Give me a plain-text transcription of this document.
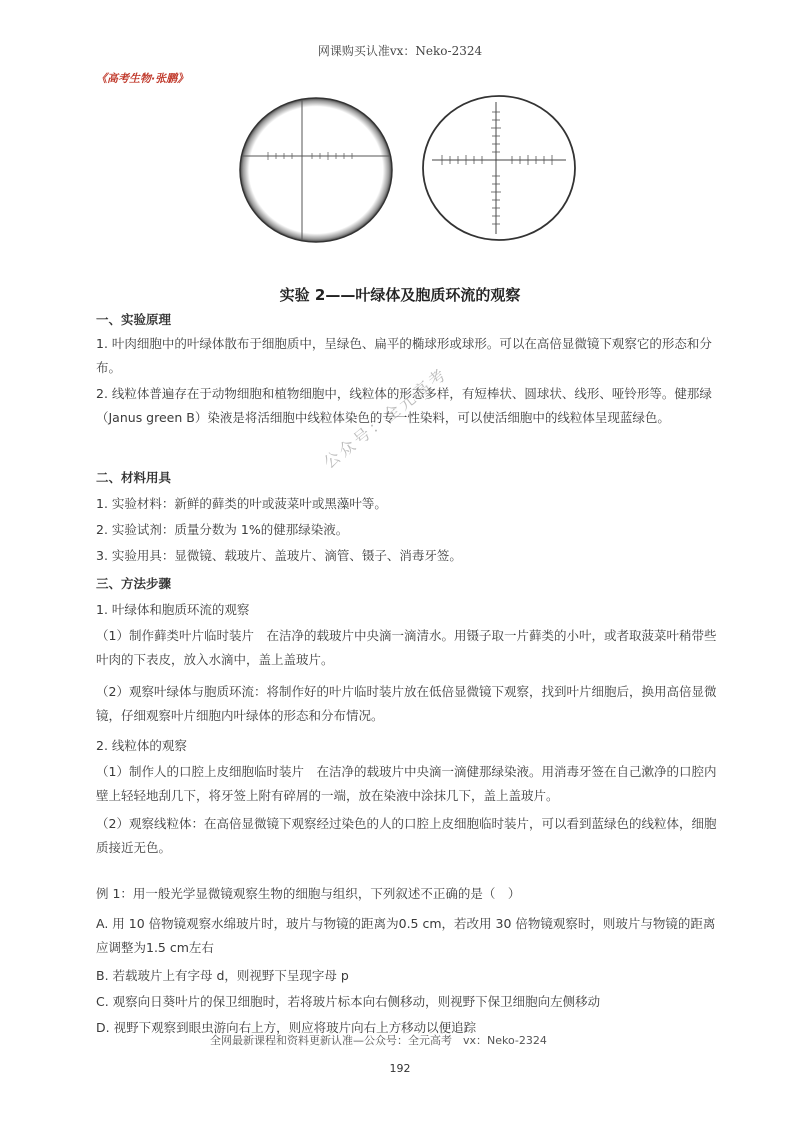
网课购买认准vx：Neko-2324
《高考生物·张鹏》
实验 2——叶绿体及胞质环流的观察
一、实验原理
1. 叶肉细胞中的叶绿体散布于细胞质中，呈绿色、扁平的椭球形或球形。可以在高倍显微镜下观察它的形态和分布。
2. 线粒体普遍存在于动物细胞和植物细胞中，线粒体的形态多样，有短棒状、圆球状、线形、哑铃形等。健那绿（Janus green B）染液是将活细胞中线粒体染色的专一性染料，可以使活细胞中的线粒体呈现蓝绿色。
二、材料用具
1. 实验材料：新鲜的藓类的叶或菠菜叶或黑藻叶等。
2. 实验试剂：质量分数为 1%的健那绿染液。
3. 实验用具：显微镜、载玻片、盖玻片、滴管、镊子、消毒牙签。
三、方法步骤
1. 叶绿体和胞质环流的观察
（1）制作藓类叶片临时装片　在洁净的载玻片中央滴一滴清水。用镊子取一片藓类的小叶，或者取菠菜叶稍带些叶肉的下表皮，放入水滴中，盖上盖玻片。
（2）观察叶绿体与胞质环流：将制作好的叶片临时装片放在低倍显微镜下观察，找到叶片细胞后，换用高倍显微镜，仔细观察叶片细胞内叶绿体的形态和分布情况。
2. 线粒体的观察
（1）制作人的口腔上皮细胞临时装片　在洁净的载玻片中央滴一滴健那绿染液。用消毒牙签在自己漱净的口腔内壁上轻轻地刮几下，将牙签上附有碎屑的一端，放在染液中涂抹几下，盖上盖玻片。
（2）观察线粒体：在高倍显微镜下观察经过染色的人的口腔上皮细胞临时装片，可以看到蓝绿色的线粒体，细胞质接近无色。
例 1：用一般光学显微镜观察生物的细胞与组织，下列叙述不正确的是（　）
A. 用 10 倍物镜观察水绵玻片时，玻片与物镜的距离为0.5 cm，若改用 30 倍物镜观察时，则玻片与物镜的距离应调整为1.5 cm左右
B. 若载玻片上有字母 d，则视野下呈现字母 p
C. 观察向日葵叶片的保卫细胞时，若将玻片标本向右侧移动，则视野下保卫细胞向左侧移动
D. 视野下观察到眼虫游向右上方，则应将玻片向右上方移动以便追踪
全网最新课程和资料更新认准—公众号：全元高考　vx：Neko-2324
192
公众号：全元高考
